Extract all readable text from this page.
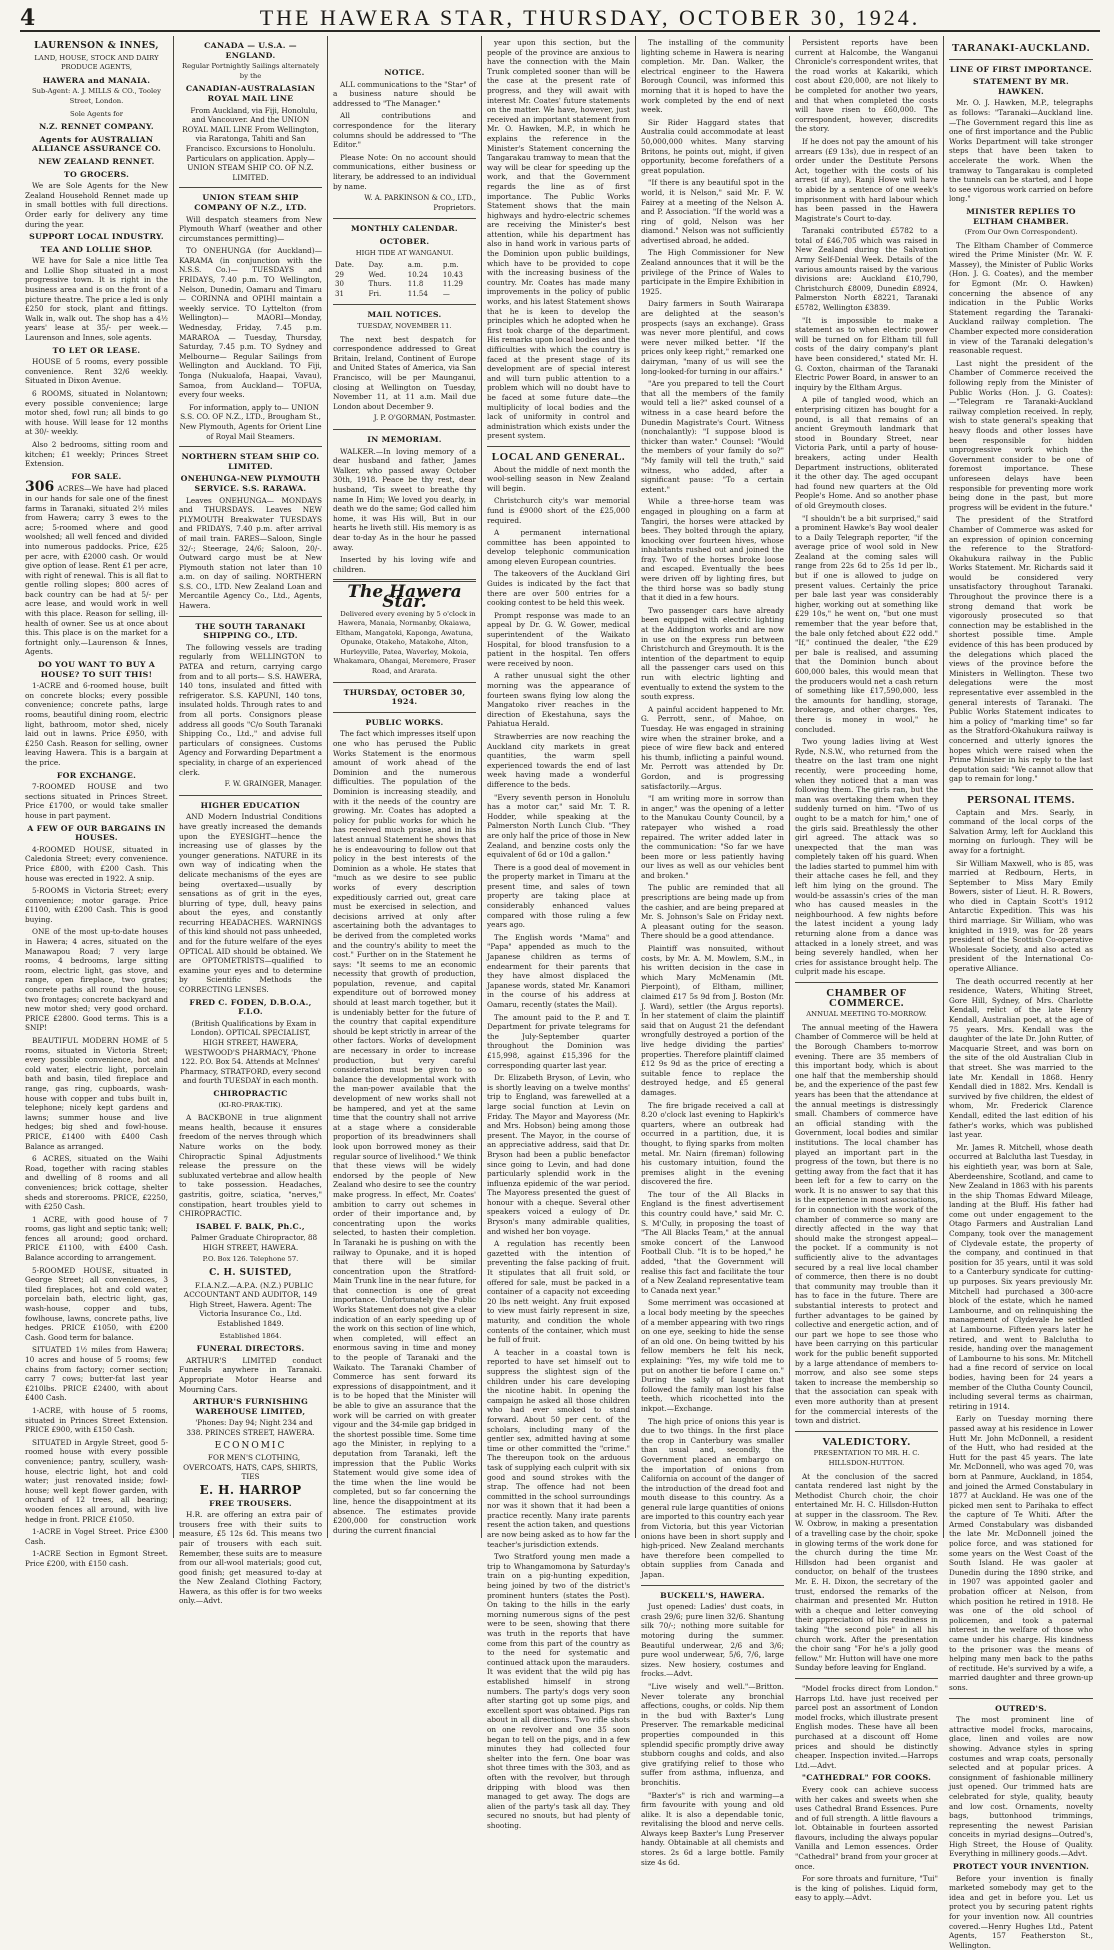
4	THE HAWERA STAR, THURSDAY, OCTOBER 30, 1924.
LAURENSON & INNES,
LAND, HOUSE, STOCK AND DAIRY PRODUCE AGENTS,
HAWERA and MANAIA.
Sub-Agent: A. J. MILLS & CO., Tooley Street, London.
Sole Agents for
N.Z. RENNET COMPANY.
Agents for AUSTRALIAN ALLIANCE ASSURANCE CO.
NEW ZEALAND RENNET.
TO GROCERS.

We are Sole Agents for the New Zealand Household Rennet made up in small bottles with full directions. Order early for delivery any time during the year.

SUPPORT LOCAL INDUSTRY.
TEA AND LOLLIE SHOP.

WE have for Sale a nice little Tea and Lollie Shop situated in a most progressive town. It is right in the business area and is on the front of a picture theatre. The price a led is only £250 for stock, plant and fittings. Walk in, walk out. The shop has a 4½ years' lease at 35/- per week.—Laurenson and Innes, sole agents.

TO LET OR LEASE.

HOUSE of 5 rooms, every possible convenience. Rent 32/6 weekly. Situated in Dixon Avenue.

6 ROOMS, situated in Nolantown; every possible convenience; large motor shed, fowl run; all binds to go with house. Will lease for 12 months at 30/- weekly.

Also 2 bedrooms, sitting room and kitchen; £1 weekly; Princes Street Extension.

FOR SALE.

306 ACRES—We have had placed in our hands for sale one of the finest farms in Taranaki, situated 2½ miles from Hawera; carry 3 ewes to the acre; 5-roomed where and good woolshed; all well fenced and divided into numerous paddocks. Price, £25 per acre, with £2000 cash. Or would give option of lease. Rent £1 per acre, with right of renewal. This is all flat to gentle rolling slopes; 800 acres of back country can be had at 5/- per acre lease, and would work in well with this place. Reason for selling, ill-health of owner. See us at once about this. This place is on the market for a fortnight only.—Laurenson & Innes, Agents.

DO YOU WANT TO BUY A HOUSE? TO SUIT THIS!

1-ACRE and 6-roomed house, built on concrete blocks; every possible convenience; concrete paths, large rooms, beautiful dining room, electric light, bathroom, motor shed, nicely laid out in lawns. Price £950, with £250 Cash. Reason for selling, owner leaving Hawera. This is a bargain at the price.

FOR EXCHANGE.

7-ROOMED HOUSE and two sections situated in Princes Street. Price £1700, or would take smaller house in part payment.

A FEW OF OUR BARGAINS IN HOUSES.

4-ROOMED HOUSE, situated in Caledonia Street; every convenience. Price £800, with £200 Cash. This house was erected in 1922. A snip.

5-ROOMS in Victoria Street; every convenience; motor garage. Price £1100, with £200 Cash. This is good buying.

ONE of the most up-to-date houses in Hawera; 4 acres, situated on the Manawapou Road; 7 very large rooms, 4 bedrooms, large sitting room, electric light, gas stove, and range, open fireplace, two grates; concrete paths all round the house; two frontages; concrete backyard and new motor shed; very good orchard. PRICE £2800. Good terms. This is a SNIP!

BEAUTIFUL MODERN HOME of 5 rooms, situated in Victoria Street; every possible convenience, hot and cold water, electric light, porcelain bath and basin, tiled fireplace and range, gas ring, cupboards, wash-house with copper and tubs built in, telephone; nicely kept gardens and lawns; summer house and live hedges; big shed and fowl-house. PRICE, £1400 with £400 Cash Balance as arranged.

6 ACRES, situated on the Waihi Road, together with racing stables and dwelling of 8 rooms and all conveniences; brick cottage, shelter sheds and storerooms. PRICE, £2250, with £250 Cash.

1 ACRE, with good house of 7 rooms, gas light and septic tank; well; fences all around; good orchard. PRICE £1100, with £400 Cash. Balance according to arrangement.

5-ROOMED HOUSE, situated in George Street; all conveniences, 3 tiled fireplaces, hot and cold water, porcelain bath, electric light, gas, wash-house, copper and tubs, fowlhouse, lawns, concrete paths, live hedges. PRICE £1050, with £200 Cash. Good term for balance.

SITUATED 1½ miles from Hawera; 10 acres and house of 5 rooms; few chains from factory; corner section; carry 7 cows; butter-fat last year £210lbs. PRICE £2400, with about £400 Cash.

1-ACRE, with house of 5 rooms, situated in Princes Street Extension. PRICE £900, with £150 Cash.

SITUATED in Argyle Street, good 5-roomed house with every possible convenience; pantry, scullery, wash-house, electric light, hot and cold water; just renovated inside; fowl-house; well kept flower garden, with orchard of 12 trees, all bearing; wooden fences all around, with live hedge in front. PRICE £1050.

1-ACRE in Vogel Street. Price £300 Cash.

1-ACRE Section in Egmont Street. Price £200, with £150 cash.

CANADA — U.S.A. — ENGLAND.
Regular Portnightly Sailings alternately by the
CANADIAN-AUSTRALASIAN ROYAL MAIL LINE

From Auckland, via Fiji, Honolulu, and Vancouver. And the UNION ROYAL MAIL LINE From Wellington, via Raratonga, Tahiti and San Francisco. Excursions to Honolulu. Particulars on application. Apply— UNION STEAM SHIP CO. OF N.Z. LIMITED.

UNION STEAM SHIP COMPANY OF N.Z., LTD.

Will despatch steamers from New Plymouth Wharf (weather and other circumstances permitting)—

TO ONEHUNGA (for Auckland)—KARAMA (in conjunction with the N.S.S. Co.)— TUESDAYS and FRIDAYS, 7.40 p.m. TO Wellington, Nelson, Dunedin, Oamaru and Timaru— CORINNA and OPIHI maintain a weekly service. TO Lyttelton (from Wellington)— MAORI—Monday, Wednesday, Friday, 7.45 p.m. MARAROA — Tuesday, Thursday, Saturday, 7.45 p.m. TO Sydney and Melbourne— Regular Sailings from Wellington and Auckland. TO Fiji, Tonga (Nukualofa, Haapai, Vavau), Samoa, from Auckland— TOFUA, every four weeks.

For information, apply to— UNION S.S. CO. OF N.Z., LTD., Brougham St., New Plymouth, Agents for Orient Line of Royal Mail Steamers.

NORTHERN STEAM SHIP CO. LIMITED.
ONEHUNGA-NEW PLYMOUTH SERVICE. S.S. RARAWA.

Leaves ONEHUNGA— MONDAYS and THURSDAYS. Leaves NEW PLYMOUTH Breakwater TUESDAYS and FRIDAYS, 7.40 p.m. after arrival of mail train. FARES—Saloon, Single 32/-; Steerage, 24/6; Saloon, 20/-. Outward cargo must be at New Plymouth station not later than 10 a.m. on day of sailing. NORTHERN S.S. CO., LTD. New Zealand Loan and Mercantile Agency Co., Ltd., Agents, Hawera.

THE SOUTH TARANAKI SHIPPING CO., LTD.

The following vessels are trading regularly from WELLINGTON to PATEA and return, carrying cargo from and to all ports— S.S. HAWERA, 140 tons, insulated and fitted with refrigerator. S.S. KAPUNI, 140 tons, insulated holds. Through rates to and from all ports. Consignors please address all goods "C/o South Taranaki Shipping Co., Ltd.," and advise full particulars of consignees. Customs Agency and Forwarding Department a speciality, in charge of an experienced clerk.

F. W. GRAINGER, Manager.
HIGHER EDUCATION

AND Modern Industrial Conditions have greatly increased the demands upon the EYESIGHT—hence the increasing use of glasses by the younger generations. NATURE in its own way of indicating when the delicate mechanisms of the eyes are being overtaxed—usually by sensations as of grit in the eyes, blurring of type, dull, heavy pains about the eyes, and constantly recurring HEADACHES. WARNINGS of this kind should not pass unheeded, and for the future welfare of the eyes OPTICAL AID should be obtained. We are OPTOMETRISTS—qualified to examine your eyes and to determine by Scientific Methods the CORRECTING LENSES.

FRED C. FODEN, D.B.O.A., F.I.O.

(British Qualifications by Exam in London). OPTICAL SPECIALIST, HIGH STREET, HAWERA, WESTWOOD'S PHARMACY, 'Phone 122. P.O. Box 54. Attends at McInnes' Pharmacy, STRATFORD, every second and fourth TUESDAY in each month.

CHIROPRACTIC
(KI-RO-PRAK-TIK).

A BACKBONE in true alignment means health, because it ensures freedom of the nerves through which Nature works on the body. Chiropractic Spinal Adjustments release the pressure on the subluxated vertebrae and allow health to take possession. Headaches, gastritis, goitre, sciatica, "nerves," constipation, heart troubles yield to CHIROPRACTIC.

ISABEL F. BALK, Ph.C.,

Palmer Graduate Chiropractor, 88 HIGH STREET, HAWERA.

P.O. Box 126. Telephone 57.
C. H. SUISTED,

F.I.A.N.Z.—A.P.A. (N.Z.) PUBLIC ACCOUNTANT AND AUDITOR, 149 High Street, Hawera. Agent: The Victoria Insurance Co., Ltd. Established 1849.

Established 1864.
FUNERAL DIRECTORS.

ARTHUR'S LIMITED conduct Funerals anywhere in Taranaki. Appropriate Motor Hearse and Mourning Cars.

ARTHUR'S FURNISHING WAREHOUSE LIMITED,

'Phones: Day 94; Night 234 and 338. PRINCES STREET, HAWERA.

ECONOMIC

FOR MEN'S CLOTHING, OVERCOATS, HATS, CAPS, SHIRTS, TIES

E. H. HARROP
FREE TROUSERS.

H.R. are offering an extra pair of trousers free with their suits to measure, £5 12s 6d. This means two pair of trousers with each suit. Remember, these suits are to measure from our all-wool materials; good cut, good finish; get measured to-day at the New Zealand Clothing Factory, Hawera, as this offer is for two weeks only.—Advt.

NOTICE.

ALL communications to the "Star" of a business nature should be addressed to "The Manager."

All contributions and correspondence for the literary columns should be addressed to "The Editor."

Please Note: On no account should communications, either business or literary, be addressed to an individual by name.

W. A. PARKINSON & CO., LTD., Proprietors.
MONTHLY CALENDAR.
OCTOBER.
HIGH TIDE AT WANGANUI.
Date.	Day.	a.m.	p.m.
29	Wed.	10.24	10.43
30	Thurs.	11.8	11.29
31	Fri.	11.54	—
MAIL NOTICES.
TUESDAY, NOVEMBER 11.

The next best despatch for correspondence addressed to Great Britain, Ireland, Continent of Europe and United States of America, via San Francisco, will be per Maunganui, closing at Wellington on Tuesday, November 11, at 11 a.m. Mail due London about December 9.

J. P. O'GORMAN, Postmaster.
IN MEMORIAM.

WALKER.—In loving memory of a dear husband and father, James Walker, who passed away October 30th, 1918. Peace be thy rest, dear husband, 'Tis sweet to breathe thy name In Him; We loved you dearly, in death we do the same; God called him home, it was His will, But in our hearts he liveth still. His memory is as dear to-day As in the hour he passed away.

Inserted by his loving wife and children.

The Hawera Star.

Delivered every evening by 5 o'clock in Hawera, Manaia, Normanby, Okaiawa, Eltham, Mangatoki, Kaponga, Awatuna, Opunake, Otakeho, Matakohe, Alton, Hurleyville, Patea, Waverley, Mokoia, Whakamara, Ohangai, Meremere, Fraser Road, and Ararata.

THURSDAY, OCTOBER 30, 1924.
PUBLIC WORKS.

The fact which impresses itself upon one who has perused the Public Works Statement is the enormous amount of work ahead of the Dominion and the numerous difficulties. The population of the Dominion is increasing steadily, and with it the needs of the country are growing. Mr. Coates has adopted a policy for public works for which he has received much praise, and in his latest annual Statement he shows that he is endeavouring to follow out that policy in the best interests of the Dominion as a whole. He states that "much as we desire to see public works of every description expeditiously carried out, great care must be exercised in selection, and decisions arrived at only after ascertaining both the advantages to be derived from the completed works and the country's ability to meet the cost." Further on in the Statement he says: "It seems to me an economic necessity that growth of production, population, revenue, and capital expenditure out of borrowed money should at least march together, but it is undeniably better for the future of the country that capital expenditure should be kept strictly in arrear of the other factors. Works of development are necessary in order to increase production, but very careful consideration must be given to so balance the developmental work with the man-power available that the development of new works shall not be hampered, and yet at the same time that the country shall not arrive at a stage where a considerable proportion of its breadwinners shall look upon borrowed money as their regular source of livelihood." We think that these views will be widely endorsed by the people of New Zealand who desire to see the country make progress. In effect, Mr. Coates' ambition to carry out schemes in order of their importance and, by concentrating upon the works selected, to hasten their completion. In Taranaki he is pushing on with the railway to Opunake, and it is hoped that there will be similar concentration upon the Stratford-Main Trunk line in the near future, for that connection is one of great importance. Unfortunately the Public Works Statement does not give a clear indication of an early speeding up of the work on this section of line which, when completed, will effect an enormous saving in time and money to the people of Taranaki and the Waikato. The Taranaki Chamber of Commerce has sent forward its expressions of disappointment, and it is to be hoped that the Minister will be able to give an assurance that the work will be carried on with greater vigour and the 34-mile gap bridged in the shortest possible time. Some time ago the Minister, in replying to a deputation from Taranaki, left the impression that the Public Works Statement would give some idea of the time when the line would be completed, but so far concerning the line, hence the disappointment at its absence. The estimates provide £200,000 for construction work during the current financial

year upon this section, but the people of the province are anxious to have the connection with the Main Trunk completed sooner than will be the case at the present rate of progress, and they will await with interest Mr. Coates' future statements on the matter. We have, however, just received an important statement from Mr. O. Hawken, M.P., in which he explains the reference in the Minister's Statement concerning the Tangarakau tramway to mean that the way will be clear for speeding up the work, and that the Government regards the line as of first importance. The Public Works Statement shows that the main highways and hydro-electric schemes are receiving the Minister's best attention, while his department has also in hand work in various parts of the Dominion upon public buildings, which have to be provided to cope with the increasing business of the country. Mr. Coates has made many improvements in the policy of public works, and his latest Statement shows that he is keen to develop the principles which he adopted when he first took charge of the department. His remarks upon local bodies and the difficulties with which the country is faced at the present stage of its development are of special interest and will turn public attention to a problem which will no doubt have to be faced at some future date—the multiplicity of local bodies and the lack of uniformity in control and administration which exists under the present system.

LOCAL AND GENERAL.

About the middle of next month the wool-selling season in New Zealand will begin.

Christchurch city's war memorial fund is £9000 short of the £25,000 required.

A permanent international committee has been appointed to develop telephonic communication among eleven European countries.

The takeovers of the Auckland Girl Guides is indicated by the fact that there are over 500 entries for a cooking contest to be held this week.

Prompt response was made to an appeal by Dr. G. W. Gower, medical superintendent of the Waikato Hospital, for blood transfusion to a patient in the hospital. Ten offers were received by noon.

A rather unusual sight the other morning was the appearance of fourteen swans flying low along the Mangatoko river reaches in the direction of Ekestahuna, says the Pahiatua Herald.

Strawberries are now reaching the Auckland city markets in great quantities, the warm spell experienced towards the end of last week having made a wonderful difference to the beds.

"Every seventh person in Honolulu has a motor car," said Mr. T. R. Hodder, while speaking at the Palmerston North Lunch Club. "They are only half the price of those in New Zealand, and benzine costs only the equivalent of 6d or 10d a gallon."

There is a good deal of movement in the property market in Timaru at the present time, and sales of town property are taking place at considerably enhanced values compared with those ruling a few years ago.

The English words "Mama" and "Papa" appended as much to the Japanese children as terms of endearment for their parents that they have almost displaced the Japanese words, stated Mr. Kanamori in the course of his address at Oamaru, recently (states the Mail).

The amount paid to the P. and T. Department for private telegrams for the July-September quarter throughout the Dominion was £15,998, against £15,396 for the corresponding quarter last year.

Dr. Elizabeth Bryson, of Levin, who is shortly leaving on a twelve months' trip to England, was farewelled at a large social function at Levin on Friday. The Mayor and Mayoress (Mr. and Mrs. Hobson) being among those present. The Mayor, in the course of an appreciative address, said that Dr. Bryson had been a public benefactor since going to Levin, and had done particularly splendid work in the influenza epidemic of the war period. The Mayoress presented the guest of honour with a cheque. Several other speakers voiced a eulogy of Dr. Bryson's many admirable qualities, and wished her bon voyage.

A regulation has recently been gazetted with the intention of preventing the false packing of fruit. It stipulates that all fruit sold, or offered for sale, must be packed in a container of a capacity not exceeding 20 lbs nett weight. Any fruit exposed to view must fairly represent in size, maturity, and condition the whole contents of the container, which must be full of fruit.

A teacher in a coastal town is reported to have set himself out to suppress the slightest sign of the children under his care developing the nicotine habit. In opening the campaign he asked all those children who had ever smoked to stand forward. About 50 per cent. of the scholars, including many of the gentler sex, admitted having at some time or other committed the "crime." The thereupon took on the arduous task of supplying each culprit with six good and sound strokes with the strap. The offence had not been committed in the school surroundings nor was it shown that it had been a practice recently. Many irate parents resent the action taken, and questions are now being asked as to how far the teacher's jurisdiction extends.

Two Stratford young men made a trip to Whangamomona by Saturday's train on a pig-hunting expedition, being joined by two of the district's prominent hunters (states the Post). On taking to the hills in the early morning numerous signs of the pest were to be seen, showing that there was truth in the reports that have come from this part of the country as to the need for systematic and continued attack upon the marauders. It was evident that the wild pig has established himself in strong numbers. The party's dogs very soon after starting got up some pigs, and excellent sport was obtained. Pigs ran about in all directions. Two rifle shots on one revolver and one 35 soon began to tell on the pigs, and in a few minutes they had collected four shelter into the fern. One boar was shot three times with the 303, and as often with the revolver, but through dripping with blood was then managed to get away. The dogs are alien of the party's task all day. They secured no snouts, but had plenty of shooting.

The installing of the community lighting scheme in Hawera is nearing completion. Mr. Dan. Walker, the electrical engineer to the Hawera Borough Council, was informed this morning that it is hoped to have the work completed by the end of next week.

Sir Rider Haggard states that Australia could accommodate at least 50,000,000 whites. Many starving Britons, he points out, might, if given opportunity, become forefathers of a great population.

"If there is any beautiful spot in the world, it is Nelson," said Mr. F. W. Fairey at a meeting of the Nelson A. and P. Association. "If the world was a ring of gold, Nelson was her diamond." Nelson was not sufficiently advertised abroad, he added.

The High Commissioner for New Zealand announces that it will be the privilege of the Prince of Wales to participate in the Empire Exhibition in 1925.

Dairy farmers in South Wairarapa are delighted at the season's prospects (says an exchange). Grass was never more plentiful, and cows were never milked better. "If the prices only keep right," remarked one dairyman, "many of us will see the long-looked-for turning in our affairs."

"Are you prepared to tell the Court that all the members of the family would tell a lie?" asked counsel of a witness in a case heard before the Dunedin Magistrate's Court. Witness (nonchalantly): "I suppose blood is thicker than water." Counsel: "Would the members of your family do so?" "My family will tell the truth," said witness, who added, after a significant pause: "To a certain extent."

While a three-horse team was engaged in ploughing on a farm at Tangiri, the horses were attacked by bees. They bolted through the apiary, knocking over fourteen hives, whose inhabitants rushed out and joined the fray. Two of the horses broke loose and escaped. Eventually the bees were driven off by lighting fires, but the third horse was so badly stung that it died in a few hours.

Two passenger cars have already been equipped with electric lighting at the Addington works and are now in use on the express run between Christchurch and Greymouth. It is the intention of the department to equip all the passenger cars used on this run with electric lighting and eventually to extend the system to the south express.

A painful accident happened to Mr. G. Perrott, senr., of Mahoe, on Tuesday. He was engaged in straining wire when the strainer broke, and a piece of wire flew back and entered his thumb, inflicting a painful wound. Mr. Perrott was attended by Dr. Gordon, and is progressing satisfactorily.—Argus.

"I am writing more in sorrow than in anger," was the opening of a letter to the Manukau County Council, by a ratepayer who wished a road repaired. The writer added later in the communication: "So far we have been more or less patiently having our lives as well as our vehicles bent and broken."

The public are reminded that all prescriptions are being made up from the cashier, and are being prepared at Mr. S. Johnson's Sale on Friday next. A pleasant outing for the season. There should be a good attendance.

Plaintiff was nonsuited, without costs, by Mr. A. M. Mowlem, S.M., in his written decision in the case in which Mary McMenamin (Mt. Pierpoint), of Eltham, milliner, claimed £17 5s 9d from J. Boston (Mr. J. Ward), settler (the Argus reports). In her statement of claim the plaintiff said that on August 21 the defendant wrongfully destroyed a portion of the live hedge dividing the parties' properties. Therefore plaintiff claimed £12 9s 9d as the price of erecting a suitable fence to replace the destroyed hedge, and £5 general damages.

The fire brigade received a call at 8.20 o'clock last evening to Hapkirk's quarters, where an outbreak had occurred in a partition, due, it is thought, to flying sparks from molten metal. Mr. Nairn (fireman) following his customary intuition, found the premises alight in the evening discovered the fire.

The tour of the All Blacks in England is the finest advertisement this country could have," said Mr. C. S. M'Cully, in proposing the toast of "The All Blacks Team," at the annual smoke concert of the Lanwood Football Club. "It is to be hoped," he added, "that the Government will realise this fact and facilitate the tour of a New Zealand representative team to Canada next year."

Some merriment was occasioned at a local body meeting by the speeches of a member appearing with two rings on one eye, seeking to hide the sense of an old one. On being twitted by his fellow members he felt his neck, explaining: "Yes, my wife told me to put on another tie before I came on." During the sally of laughter that followed the family man lost his false teeth, which ricochetted into the inkpot.—Exchange.

The high price of onions this year is due to two things. In the first place the crop in Canterbury was smaller than usual and, secondly, the Government placed an embargo on the importation of onions from California on account of the danger of the introduction of the dread foot and mouth disease to this country. As a general rule large quantities of onions are imported to this country each year from Victoria, but this year Victorian onions have been in short supply and high-priced. New Zealand merchants have therefore been compelled to obtain supplies from Canada and Japan.

BUCKELL'S, HAWERA.

Just opened: Ladies' dust coats, in crash 29/6; pure linen 32/6. Shantung silk 70/-; nothing more suitable for motoring during the summer. Beautiful underwear, 2/6 and 3/6; pure wool underwear, 5/6, 7/6, large sizes. New hosiery, costumes and frocks.—Advt.

"Live wisely and well."—Britton. Never tolerate any bronchial affections, coughs, or colds. Nip them in the bud with Baxter's Lung Preserver. The remarkable medicinal properties compounded in this splendid specific promptly drive away stubborn coughs and colds, and also give gratifying relief to those who suffer from asthma, influenza, and bronchitis.

"Baxter's" is rich and warming—a firm favourite with young and old alike. It is also a dependable tonic, revitalising the blood and nerve cells. Always keep Baxter's Lung Preserver handy. Obtainable at all chemists and stores. 2s 6d a large bottle. Family size 4s 6d.

Persistent reports have been current at Halcombe, the Wanganui Chronicle's correspondent writes, that the road works at Kakariki, which cost about £20,000, are not likely to be completed for another two years, and that when completed the costs will have risen to £60,000. The correspondent, however, discredits the story.

If he does not pay the amount of his arrears (£9 13s), due in respect of an order under the Destitute Persons Act, together with the costs of his arrest (if any), Ranji Howe will have to abide by a sentence of one week's imprisonment with hard labour which has been passed in the Hawera Magistrate's Court to-day.

Taranaki contributed £5782 to a total of £46,705 which was raised in New Zealand during the Salvation Army Self-Denial Week. Details of the various amounts raised by the various divisions are: Auckland £10,790, Christchurch £8009, Dunedin £8924, Palmerston North £8221, Taranaki £5782, Wellington £3839.

"It is impossible to make a statement as to when electric power will be turned on for Eltham till full costs of the dairy company's plant have been considered," stated Mr. H. G. Coxton, chairman of the Taranaki Electric Power Board, in answer to an inquiry by the Eltham Argus.

A pile of tangled wood, which an enterprising citizen has bought for a pound, is all that remains of an ancient Greymouth landmark that stood in Boundary Street, near Victoria Park, until a party of house-breakers, acting under Health Department instructions, obliterated it the other day. The aged occupant had found new quarters at the Old People's Home. And so another phase of old Greymouth closes.

"I shouldn't be a bit surprised," said a prominent Hawke's Bay wool dealer to a Daily Telegraph reporter, "if the average price of wool sold in New Zealand at the coming sales will range from 22s 6d to 25s 1d per lb., but if one is allowed to judge on present values. Certainly the price per bale last year was considerably higher, working out at something like £29 10s," he went on, "but one must remember that the year before that, the bale only fetched about £22 odd." "If," continued the dealer, "the £29 per bale is realised, and assuming that the Dominion bunch about 600,000 bales, this would mean that the producers would net a cash return of something like £17,590,000, less the amounts for handling, storage, brokerage, and other charges. Yes, there is money in wool," he concluded.

Two young ladies living at West Ryde, N.S.W., who returned from the theatre on the last tram one night recently, were proceeding home, when they noticed that a man was following them. The girls ran, but the man was overtaking them when they suddenly turned on him. "Two of us ought to be a match for him," one of the girls said. Breathlessly the other girl agreed. The attack was so unexpected that the man was completely taken off his guard. When the ladies started to pummel him with their attache cases he fell, and they left him lying on the ground. The would-be assassin's cries of the man who has caused measles in the neighbourhood. A few nights before the latest incident a young lady returning alone from a dance was attacked in a lonely street, and was being severely handled, when her cries for assistance brought help. The culprit made his escape.

CHAMBER OF COMMERCE.
ANNUAL MEETING TO-MORROW.

The annual meeting of the Hawera Chamber of Commerce will be held at the Borough Chambers to-morrow evening. There are 35 members of this important body, which is about one half that the membership should be, and the experience of the past few years has been that the attendance at the annual meetings is distressingly small. Chambers of commerce have an official standing with the Government, local bodies and similar institutions. The local chamber has played an important part in the progress of the town, but there is no getting away from the fact that it has been left for a few to carry on the work. It is no answer to say that this is the experience in most associations, for in connection with the work of the chamber of commerce so many are directly affected in the way that should make the strongest appeal—the pocket. If a community is not sufficiently alive to the advantages secured by a real live local chamber of commerce, then there is no doubt that community may trouble than it has to face in the future. There are substantial interests to protect and further advantages to be gained by collective and energetic action, and of our part we hope to see those who have been carrying on this particular work for the public benefit supported by a large attendance of members to-morrow, and also see some steps taken to increase the membership so that the association can speak with even more authority than at present for the commercial interests of the town and district.

VALEDICTORY.
PRESENTATION TO MR. H. C. HILLSDON-HUTTON.

At the conclusion of the sacred cantata rendered last night by the Methodist Church choir, the choir entertained Mr. H. C. Hillsdon-Hutton at supper in the classroom. The Rev. W. Oxbrow, in making a presentation of a travelling case by the choir, spoke in glowing terms of the work done for the church during the time Mr. Hillsdon had been organist and conductor, on behalf of the trustees Mr. E. H. Dixon, the secretary of the trust, endorsed the remarks of the chairman and presented Mr. Hutton with a cheque and letter conveying their appreciation of his readiness in taking "the second pole" in all his church work. After the presentation the choir sang "For he's a jolly good fellow." Mr. Hutton will have one more Sunday before leaving for England.

"Model frocks direct from London." Harrops Ltd. have just received per parcel post an assortment of London model frocks, which illustrate present English modes. These have all been purchased at a discount off Home prices and should be distinctly cheaper. Inspection invited.—Harrops Ltd.—Advt.

"CATHEDRAL" FOR COOKS.

Every cook can achieve success with her cakes and sweets when she uses Cathedral Brand Essences. Pure and of full strength. A little flavours a lot. Obtainable in fourteen assorted flavours, including the always popular Vanilla and Lemon essences. Order "Cathedral" brand from your grocer at once.

For sore throats and furniture, "Tui" is the king of polishes. Liquid form, easy to apply.—Advt.

TARANAKI-AUCKLAND.
LINE OF FIRST IMPORTANCE.
STATEMENT BY MR. HAWKEN.

Mr. O. J. Hawken, M.P., telegraphs as follows: "Taranaki—Auckland line.—The Government regard this line as one of first importance and the Public Works Department will take stronger steps that have been taken to accelerate the work. When the tramway to Tangarakau is completed the tunnels can be started, and I hope to see vigorous work carried on before long."

MINISTER REPLIES TO ELTHAM CHAMBER.
(From Our Own Correspondent).

The Eltham Chamber of Commerce wired the Prime Minister (Mr. W. F. Massey), the Minister of Public Works (Hon. J. G. Coates), and the member for Egmont (Mr. O. Hawken) concerning the absence of any indication in the Public Works Statement regarding the Taranaki-Auckland railway completion. The Chamber expected more consideration in view of the Taranaki delegation's reasonable request.

Last night the president of the Chamber of Commerce received the following reply from the Minister of Public Works (Hon. J. G. Coates):—"Telegram re Taranaki-Auckland railway completion received. In reply, wish to state general's speaking that heavy floods and other losses have been responsible for hidden unprogressive work which the Government consider to be one of foremost importance. These unforeseen delays have been responsible for preventing more work being done in the past, but more progress will be evident in the future."

The president of the Stratford Chamber of Commerce was asked for an expression of opinion concerning the reference to the Stratford-Okahukura railway in the Public Works Statement. Mr. Richards said it would be considered very unsatisfactory throughout Taranaki. Throughout the province there is a strong demand that work be vigorously prosecuted so that connection may be established in the shortest possible time. Ample evidence of this has been produced by the delegations which placed the views of the province before the Ministers in Wellington. These two delegations were the most representative ever assembled in the general interests of Taranaki. The Public Works Statement indicates to him a policy of "marking time" so far as the Stratford-Okahukura railway is concerned and utterly ignores the hopes which were raised when the Prime Minister in his reply to the last deputation said: "We cannot allow that gap to remain for long."

PERSONAL ITEMS.

Captain and Mrs. Searly, in command of the local corps of the Salvation Army, left for Auckland this morning on furlough. They will be away for a fortnight.

Sir William Maxwell, who is 85, was married at Redbourn, Herts, in September to Miss Mary Emily Bowers, sister of Lieut. H. R. Bowers, who died in Captain Scott's 1912 Antarctic Expedition. This was his third marriage. Sir William, who was knighted in 1919, was for 28 years president of the Scottish Co-operative Wholesale Society, and also acted as president of the International Co-operative Alliance.

The death occurred recently at her residence, Waters, Whiting Street, Gore Hill, Sydney, of Mrs. Charlotte Kendall, relict of the late Henry Kendall, Australian poet, at the age of 75 years. Mrs. Kendall was the daughter of the late Dr. John Rutter, of Macquarie Street, and was born on the site of the old Australian Club in that street. She was married to the late Mr. Kendall in 1868. Henry Kendall died in 1882. Mrs. Kendall is survived by five children, the eldest of whom, Mr. Frederick Clarence Kendall, edited the last edition of his father's works, which was published last year.

Mr. James R. Mitchell, whose death occurred at Balclutha last Tuesday, in his eightieth year, was born at Sale, Aberdeenshire, Scotland, and came to New Zealand in 1863 with his parents in the ship Thomas Edward Mileage, landing at the Bluff. His father had come out under engagement to the Otago Farmers and Australian Land Company, took over the management of Clydevale estate, the property of the company, and continued in that position for 35 years, until it was sold to a Canterbury syndicate for cutting-up purposes. Six years previously Mr. Mitchell had purchased a 300-acre block of the estate, which he named Lambourne, and on relinquishing the management of Clydevale he settled at Lambourne. Fifteen years later he retired, and went to Balclutha to reside, handing over the management of Lambourne to his sons. Mr. Mitchell had a fine record of service on local bodies, having been for 24 years a member of the Clutha County Council, including several terms as chairman, retiring in 1914.

Early on Tuesday morning there passed away at his residence in Lower Hutt Mr. John McDonnell, a resident of the Hutt, who had resided at the Hutt for the past 45 years. The late Mr. McDonnell, who was aged 70, was born at Panmure, Auckland, in 1854, and joined the Armed Constabulary in 1877 at Auckland. He was one of the picked men sent to Parihaka to effect the capture of Te Whiti. After the Armed Constabulary was disbanded the late Mr. McDonnell joined the police force, and was stationed for some years on the West Coast of the South Island. He was gaoler at Dunedin during the 1890 strike, and in 1907 was appointed gaoler and probation officer at Nelson, from which position he retired in 1918. He was one of the old school of policemen, and took a paternal interest in the welfare of those who came under his charge. His kindness to the prisoner was the means of helping many men back to the paths of rectitude. He's survived by a wife, a married daughter and three grown-up sons.

OUTRED'S.

The most prominent line of attractive model frocks, marocains, glace, linen and voiles are now showing. Advance styles in spring costumes and wrap coats, personally selected and at popular prices. A consignment of fashionable millinery just opened. Our trimmed hats are celebrated for style, quality, beauty and low cost. Ornaments, novelty bags, buttonhood trimmings, representing the newest Parisian conceits in myriad designs—Outred's, High Street, the House of Quality. Everything in millinery goods.—Advt.

PROTECT YOUR INVENTION.

Before your invention is finally marketed somebody may get to the idea and get in before you. Let us protect you by securing patent rights for your invention now. All countries covered.—Henry Hughes Ltd., Patent Agents, 157 Featherston St., Wellington.
